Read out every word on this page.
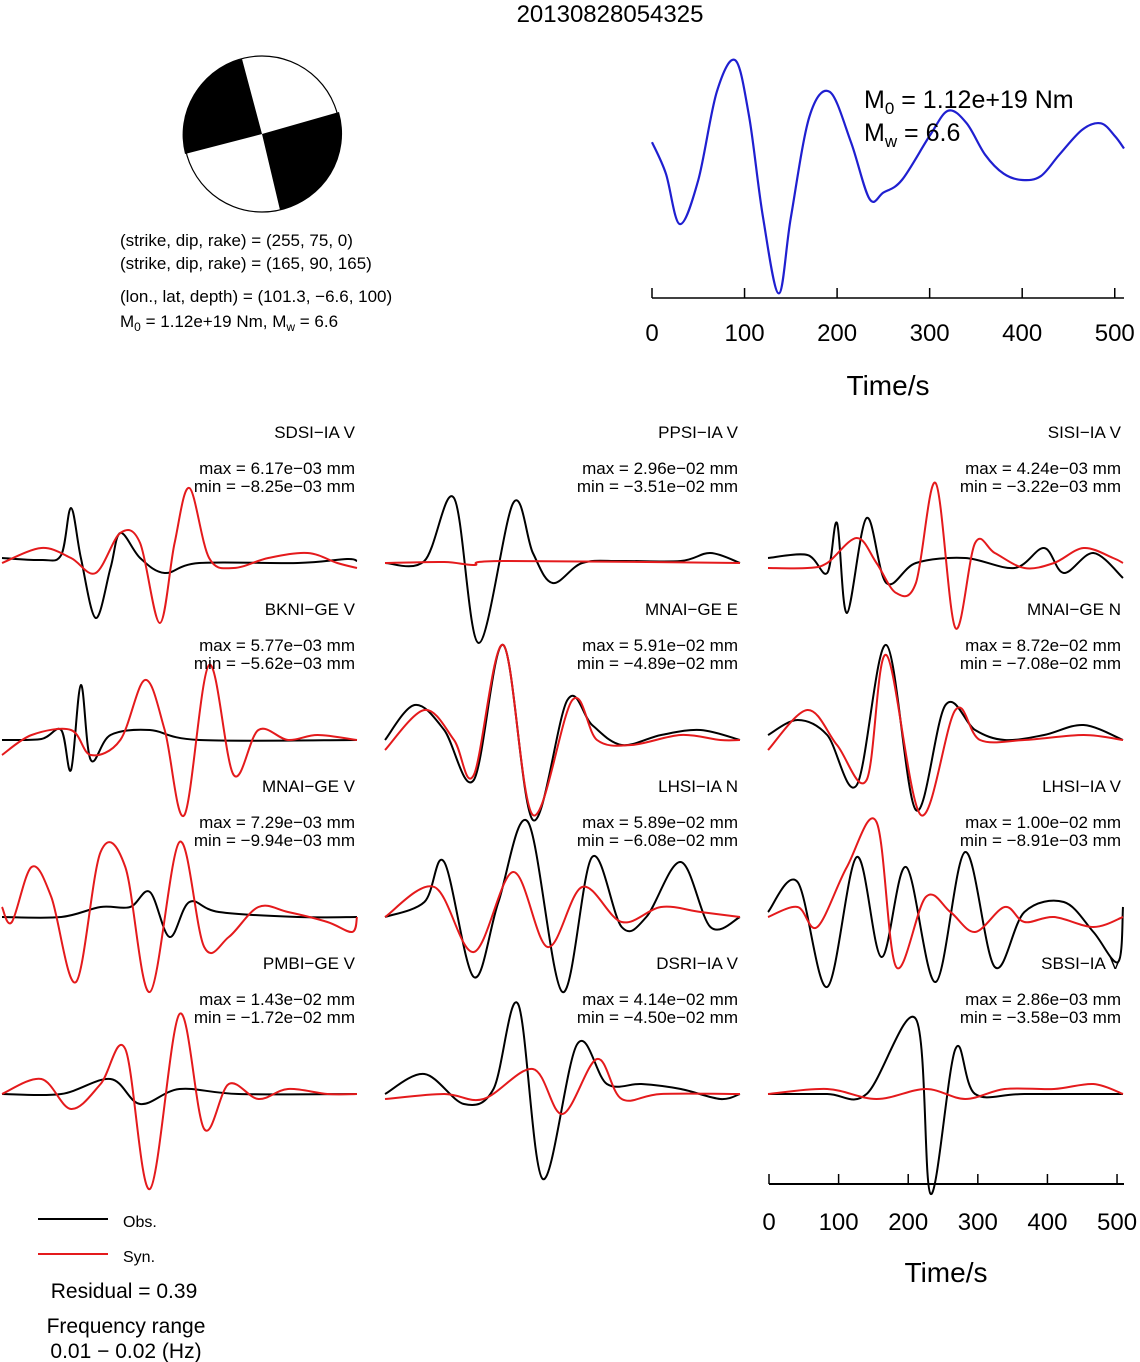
20130828054325
(strike, dip, rake) = (255, 75, 0)
(strike, dip, rake) = (165, 90, 165)
(lon., lat, depth) = (101.3, −6.6, 100)
$M_0 = 1.12e+19$ Nm, $M_w = 6.6$
$M_0 = 1.12e+19$ Nm
$M_w = 6.6$
0	100 200 300 400 500
Time/s
SDSI−IA V
max = 6.17e−03 mm
min = −8.25e−03 mm
PPSI−IA V
max = 2.96e−02 mm
min = −3.51e−02 mm
SISI−IA V
max = 4.24e−03 mm
min = −3.22e−03 mm
BKNI−GE V
max = 5.77e−03 mm
min = −5.62e−03 mm
MNAI−GE E
max = 5.91e−02 mm
min = −4.89e−02 mm
MNAI−GE N
max = 8.72e−02 mm
min = −7.08e−02 mm
MNAI−GE V
max = 7.29e−03 mm
min = −9.94e−03 mm
LHSI−IA N
max = 5.89e−02 mm
min = −6.08e−02 mm
LHSI−IA V
max = 1.00e−02 mm
min = −8.91e−03 mm
PMBI−GE V
max = 1.43e−02 mm
min = −1.72e−02 mm
DSRI−IA V
max = 4.14e−02 mm
min = −4.50e−02 mm
SBSI−IA V
max = 2.86e−03 mm
min = −3.58e−03 mm
0 100 200 300 400 500
Time/s
Obs.
Syn.
Residual = 0.39
Frequency range
0.01 − 0.02 (Hz)
